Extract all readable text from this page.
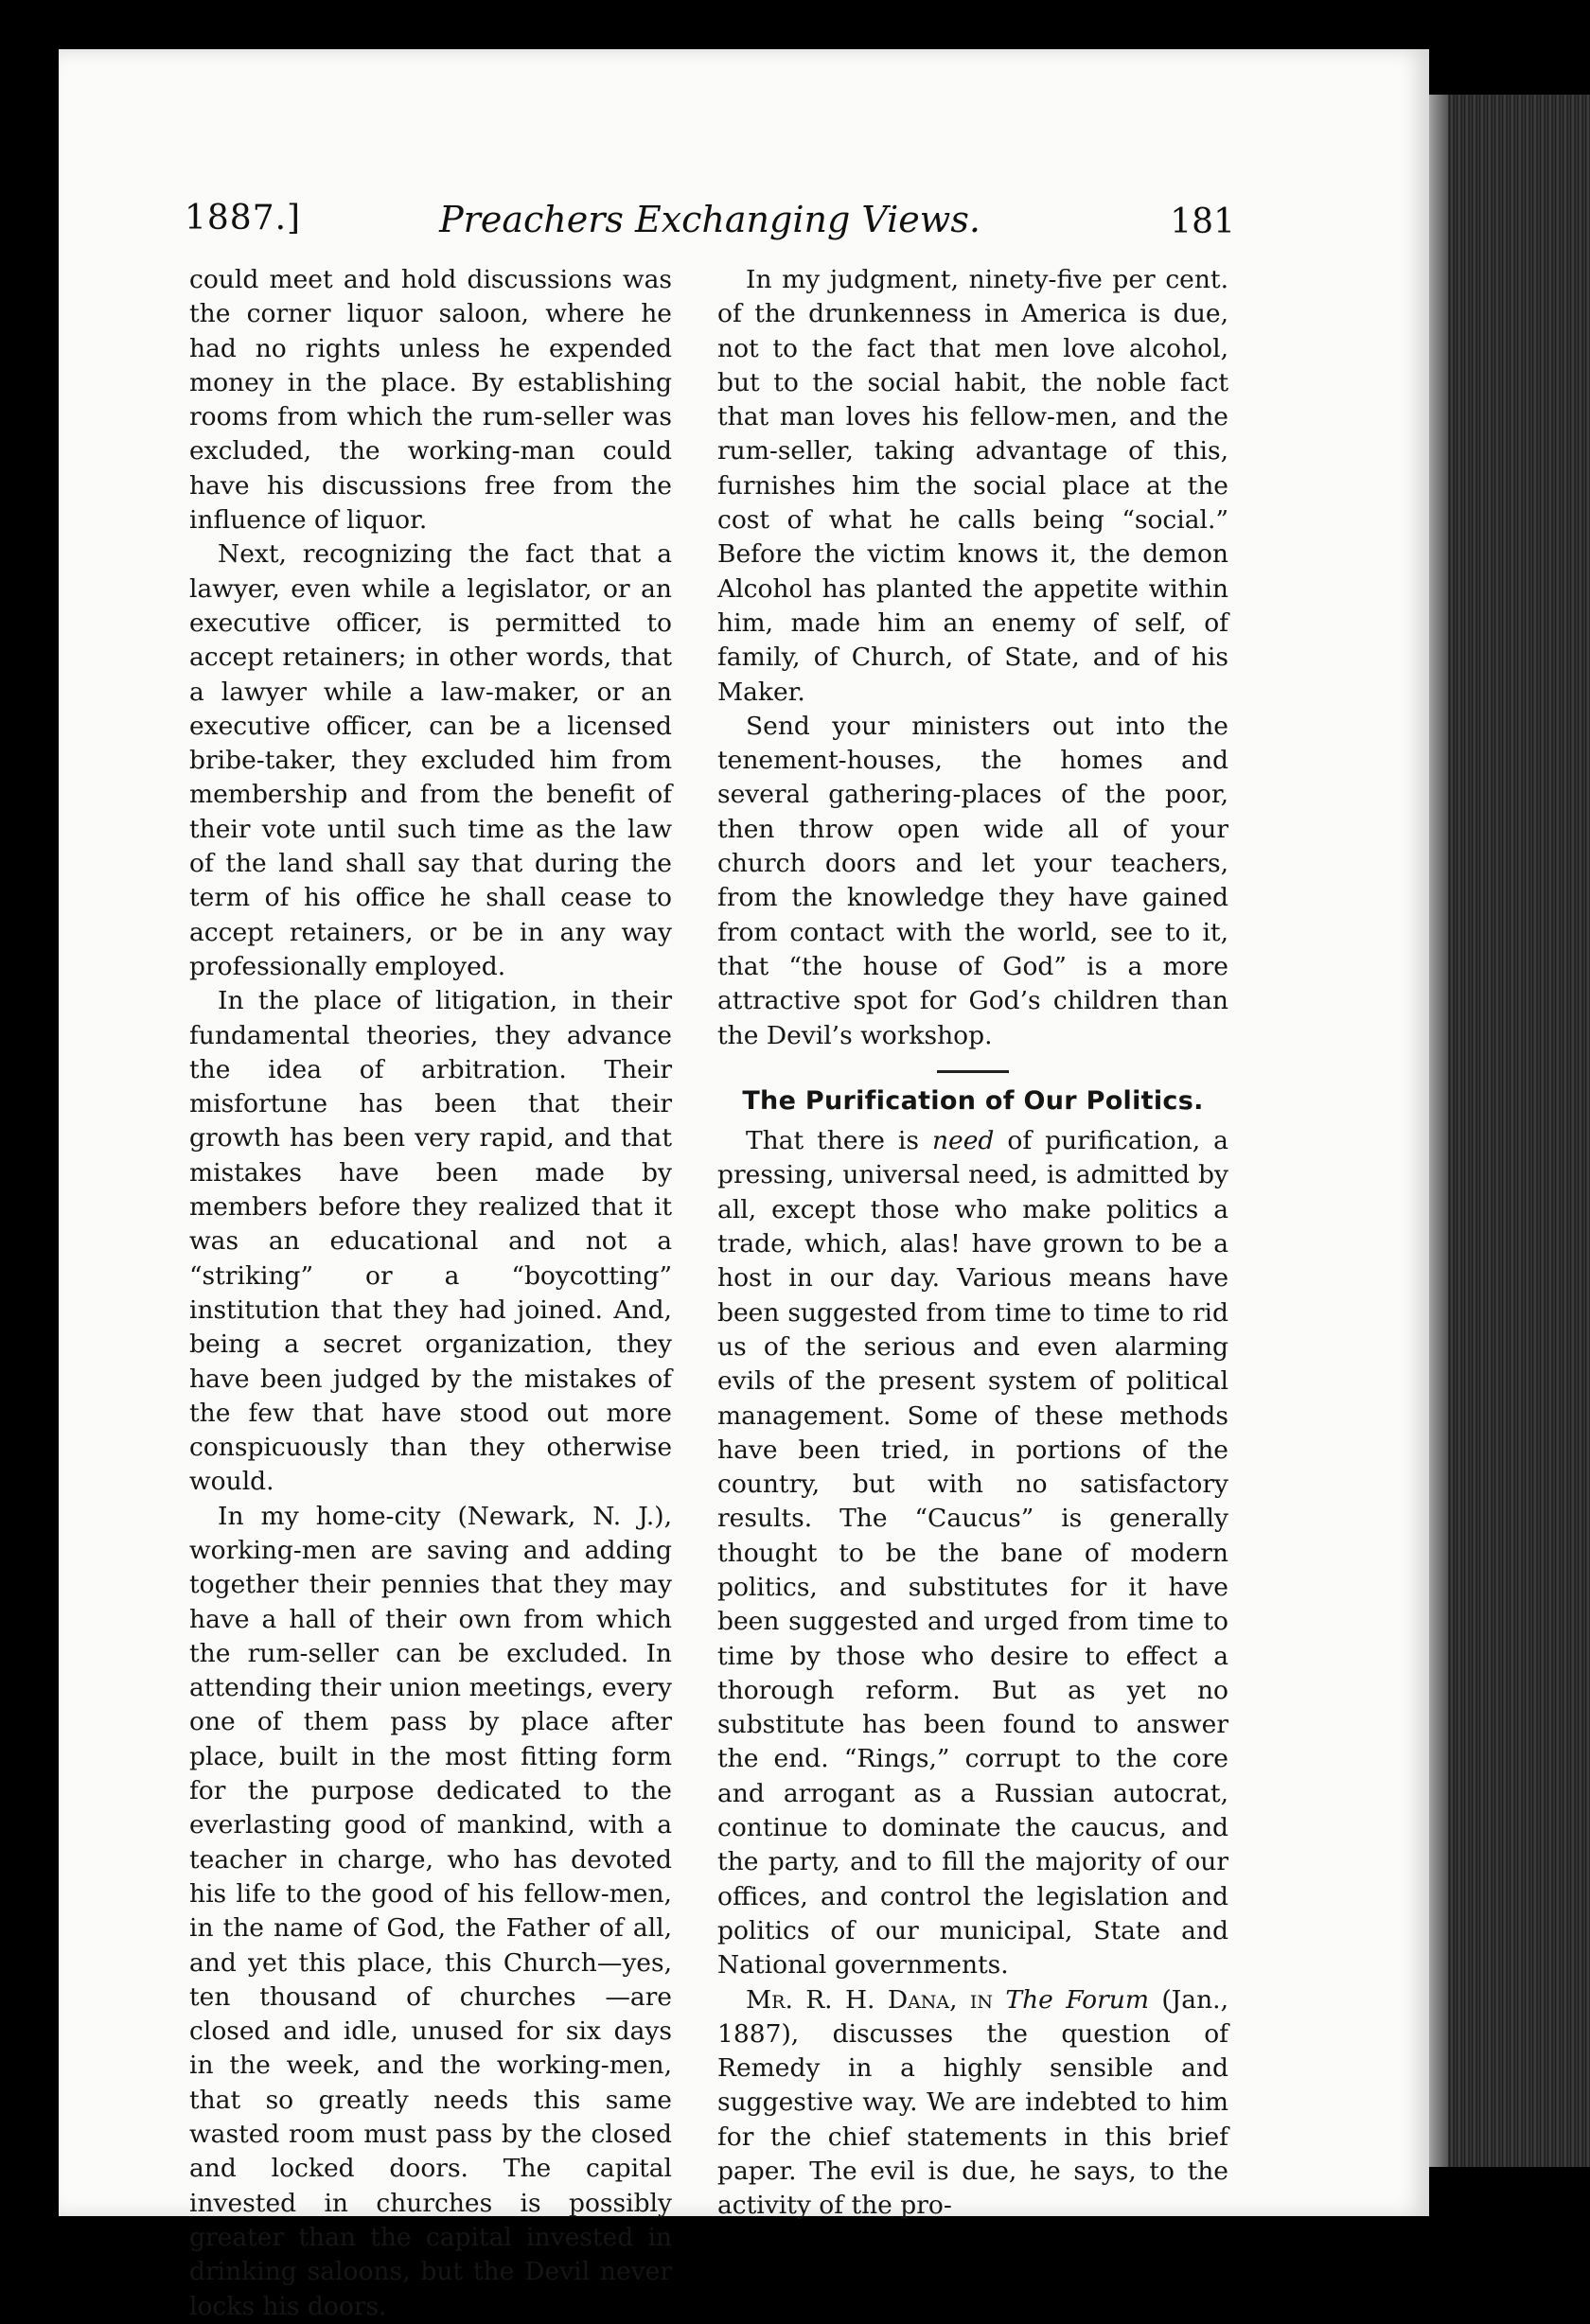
1887.]	Preachers Exchanging Views.	181

could meet and hold discussions was the corner liquor saloon, where he had no rights unless he expended money in the place. By establishing rooms from which the rum-seller was excluded, the working-man could have his discussions free from the influence of liquor.

Next, recognizing the fact that a lawyer, even while a legislator, or an executive officer, is permitted to accept retainers; in other words, that a lawyer while a law-maker, or an executive officer, can be a licensed bribe-taker, they excluded him from membership and from the benefit of their vote until such time as the law of the land shall say that during the term of his office he shall cease to accept retainers, or be in any way professionally employed.

In the place of litigation, in their fundamental theories, they advance the idea of arbitration. Their misfortune has been that their growth has been very rapid, and that mistakes have been made by members before they realized that it was an educational and not a “striking” or a “boycotting” institution that they had joined. And, being a secret organization, they have been judged by the mistakes of the few that have stood out more conspicuously than they otherwise would.

In my home-city (Newark, N. J.), working-men are saving and adding together their pennies that they may have a hall of their own from which the rum-seller can be excluded. In attending their union meetings, every one of them pass by place after place, built in the most fitting form for the purpose dedicated to the everlasting good of mankind, with a teacher in charge, who has devoted his life to the good of his fellow-men, in the name of God, the Father of all, and yet this place, this Church—yes, ten thousand of churches —are closed and idle, unused for six days in the week, and the working-men, that so greatly needs this same wasted room must pass by the closed and locked doors. The capital invested in churches is possibly greater than the capital invested in drinking saloons, but the Devil never locks his doors.

In my judgment, ninety-five per cent. of the drunkenness in America is due, not to the fact that men love alcohol, but to the social habit, the noble fact that man loves his fellow-men, and the rum-seller, taking advantage of this, furnishes him the social place at the cost of what he calls being “social.” Before the victim knows it, the demon Alcohol has planted the appetite within him, made him an enemy of self, of family, of Church, of State, and of his Maker.

Send your ministers out into the tenement-houses, the homes and several gathering-places of the poor, then throw open wide all of your church doors and let your teachers, from the knowledge they have gained from contact with the world, see to it, that “the house of God” is a more attractive spot for God’s children than the Devil’s workshop.

The Purification of Our Politics.

That there is need of purification, a pressing, universal need, is admitted by all, except those who make politics a trade, which, alas! have grown to be a host in our day. Various means have been suggested from time to time to rid us of the serious and even alarming evils of the present system of political management. Some of these methods have been tried, in portions of the country, but with no satisfactory results. The “Caucus” is generally thought to be the bane of modern politics, and substitutes for it have been suggested and urged from time to time by those who desire to effect a thorough reform. But as yet no substitute has been found to answer the end. “Rings,” corrupt to the core and arrogant as a Russian autocrat, continue to dominate the caucus, and the party, and to fill the majority of our offices, and control the legislation and politics of our municipal, State and National governments.

Mr. R. H. Dana, in The Forum (Jan., 1887), discusses the question of Remedy in a highly sensible and suggestive way. We are indebted to him for the chief statements in this brief paper. The evil is due, he says, to the activity of the pro-
